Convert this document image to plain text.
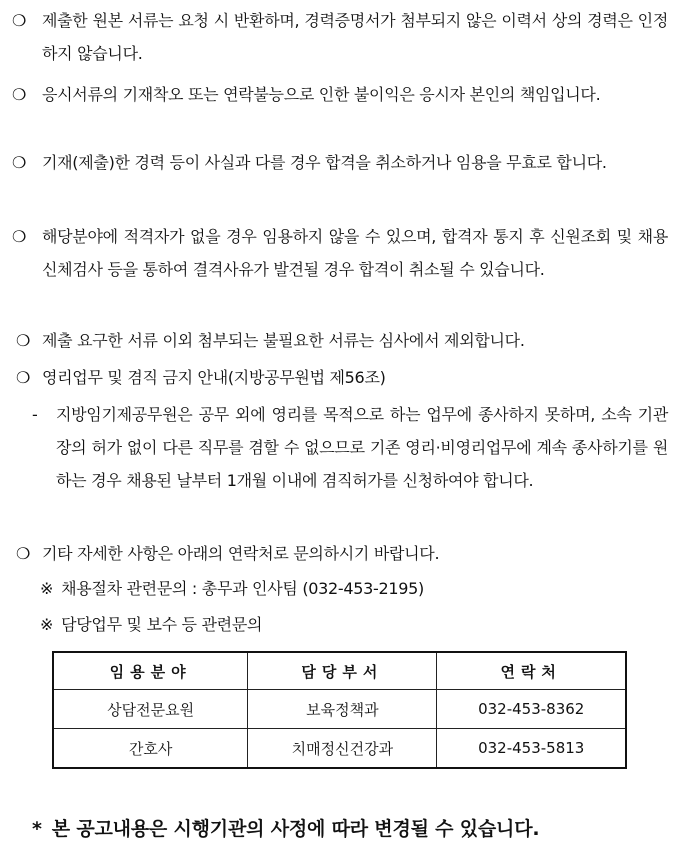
❍ 제출한 원본 서류는 요청 시 반환하며, 경력증명서가 첨부되지 않은 이력서 상의 경력은 인정하지 않습니다.
❍ 응시서류의 기재착오 또는 연락불능으로 인한 불이익은 응시자 본인의 책임입니다.
❍ 기재(제출)한 경력 등이 사실과 다를 경우 합격을 취소하거나 임용을 무효로 합니다.
❍ 해당분야에 적격자가 없을 경우 임용하지 않을 수 있으며, 합격자 통지 후 신원조회 및 채용신체검사 등을 통하여 결격사유가 발견될 경우 합격이 취소될 수 있습니다.
❍ 제출 요구한 서류 이외 첨부되는 불필요한 서류는 심사에서 제외합니다.
❍ 영리업무 및 겸직 금지 안내(지방공무원법 제56조)
-	지방임기제공무원은 공무 외에 영리를 목적으로 하는 업무에 종사하지 못하며, 소속 기관장의 허가 없이 다른 직무를 겸할 수 없으므로 기존 영리·비영리업무에 계속 종사하기를 원하는 경우 채용된 날부터 1개월 이내에 겸직허가를 신청하여야 합니다.
❍ 기타 자세한 사항은 아래의 연락처로 문의하시기 바랍니다.
※ 채용절차 관련문의 : 총무과 인사팀 (032-453-2195)
※ 담당업무 및 보수 등 관련문의
임용분야	담당부서	연락처
상담전문요원	보육정책과	032-453-8362
간호사	치매정신건강과	032-453-5813
* 본 공고내용은 시행기관의 사정에 따라 변경될 수 있습니다.
